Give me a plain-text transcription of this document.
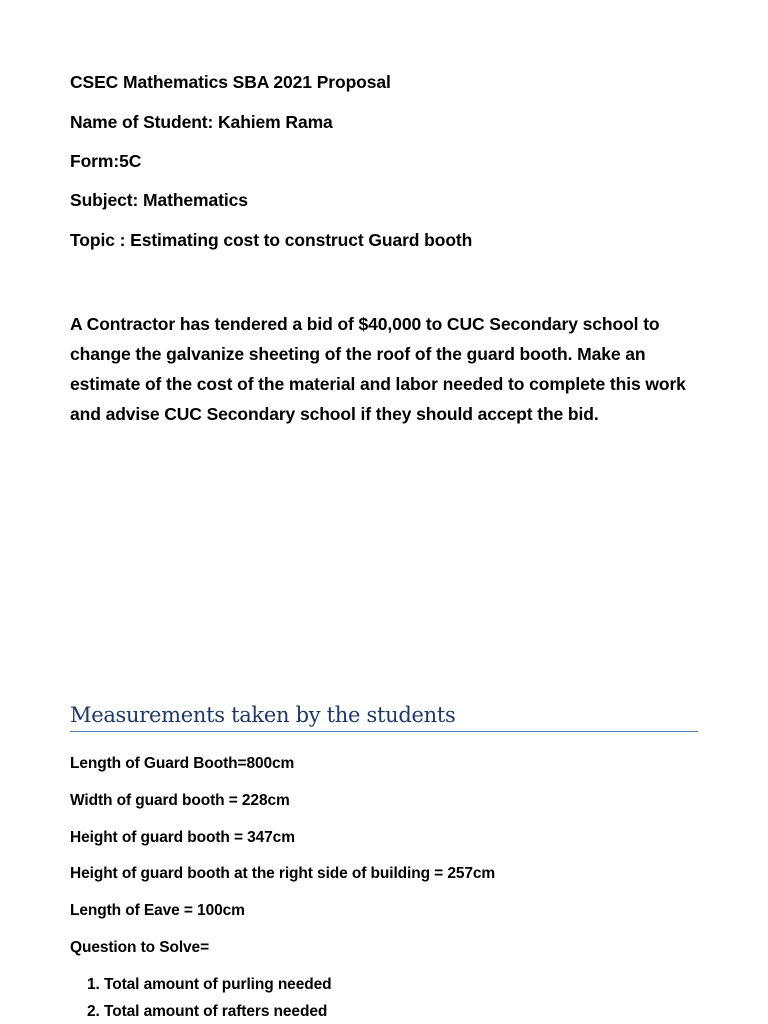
CSEC Mathematics SBA 2021 Proposal
Name of Student: Kahiem Rama
Form:5C
Subject: Mathematics
Topic : Estimating cost to construct Guard booth
A Contractor has tendered a bid of $40,000 to CUC Secondary school to change the galvanize sheeting of the roof of the guard booth. Make an estimate of the cost of the material and labor needed to complete this work and advise CUC Secondary school if they should accept the bid.
Measurements taken by the students
Length of Guard Booth=800cm
Width of guard booth = 228cm
Height of guard booth = 347cm
Height of guard booth at the right side of building = 257cm
Length of Eave = 100cm
Question to Solve=
1. Total amount of purling needed
2. Total amount of rafters needed
